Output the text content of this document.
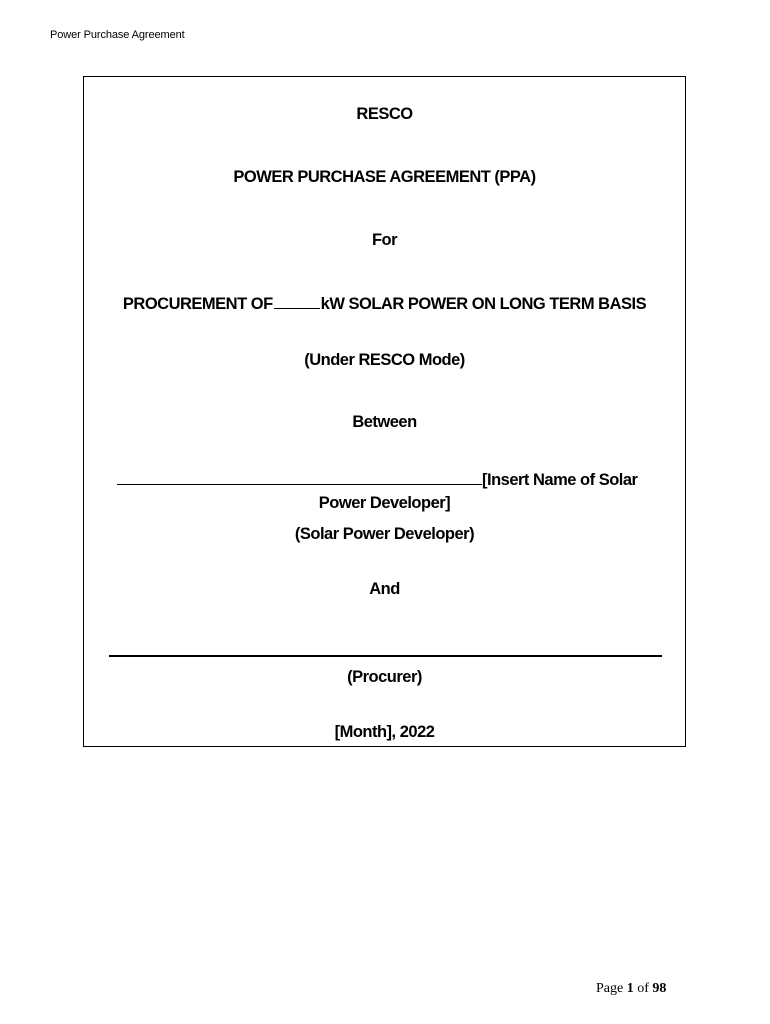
Power Purchase Agreement
RESCO
POWER PURCHASE AGREEMENT (PPA)
For
PROCUREMENT OF	kW SOLAR POWER ON LONG TERM BASIS
(Under RESCO Mode)
Between
[Insert Name of Solar
Power Developer]
(Solar Power Developer)
And
(Procurer)
[Month], 2022
Page 1 of 98
